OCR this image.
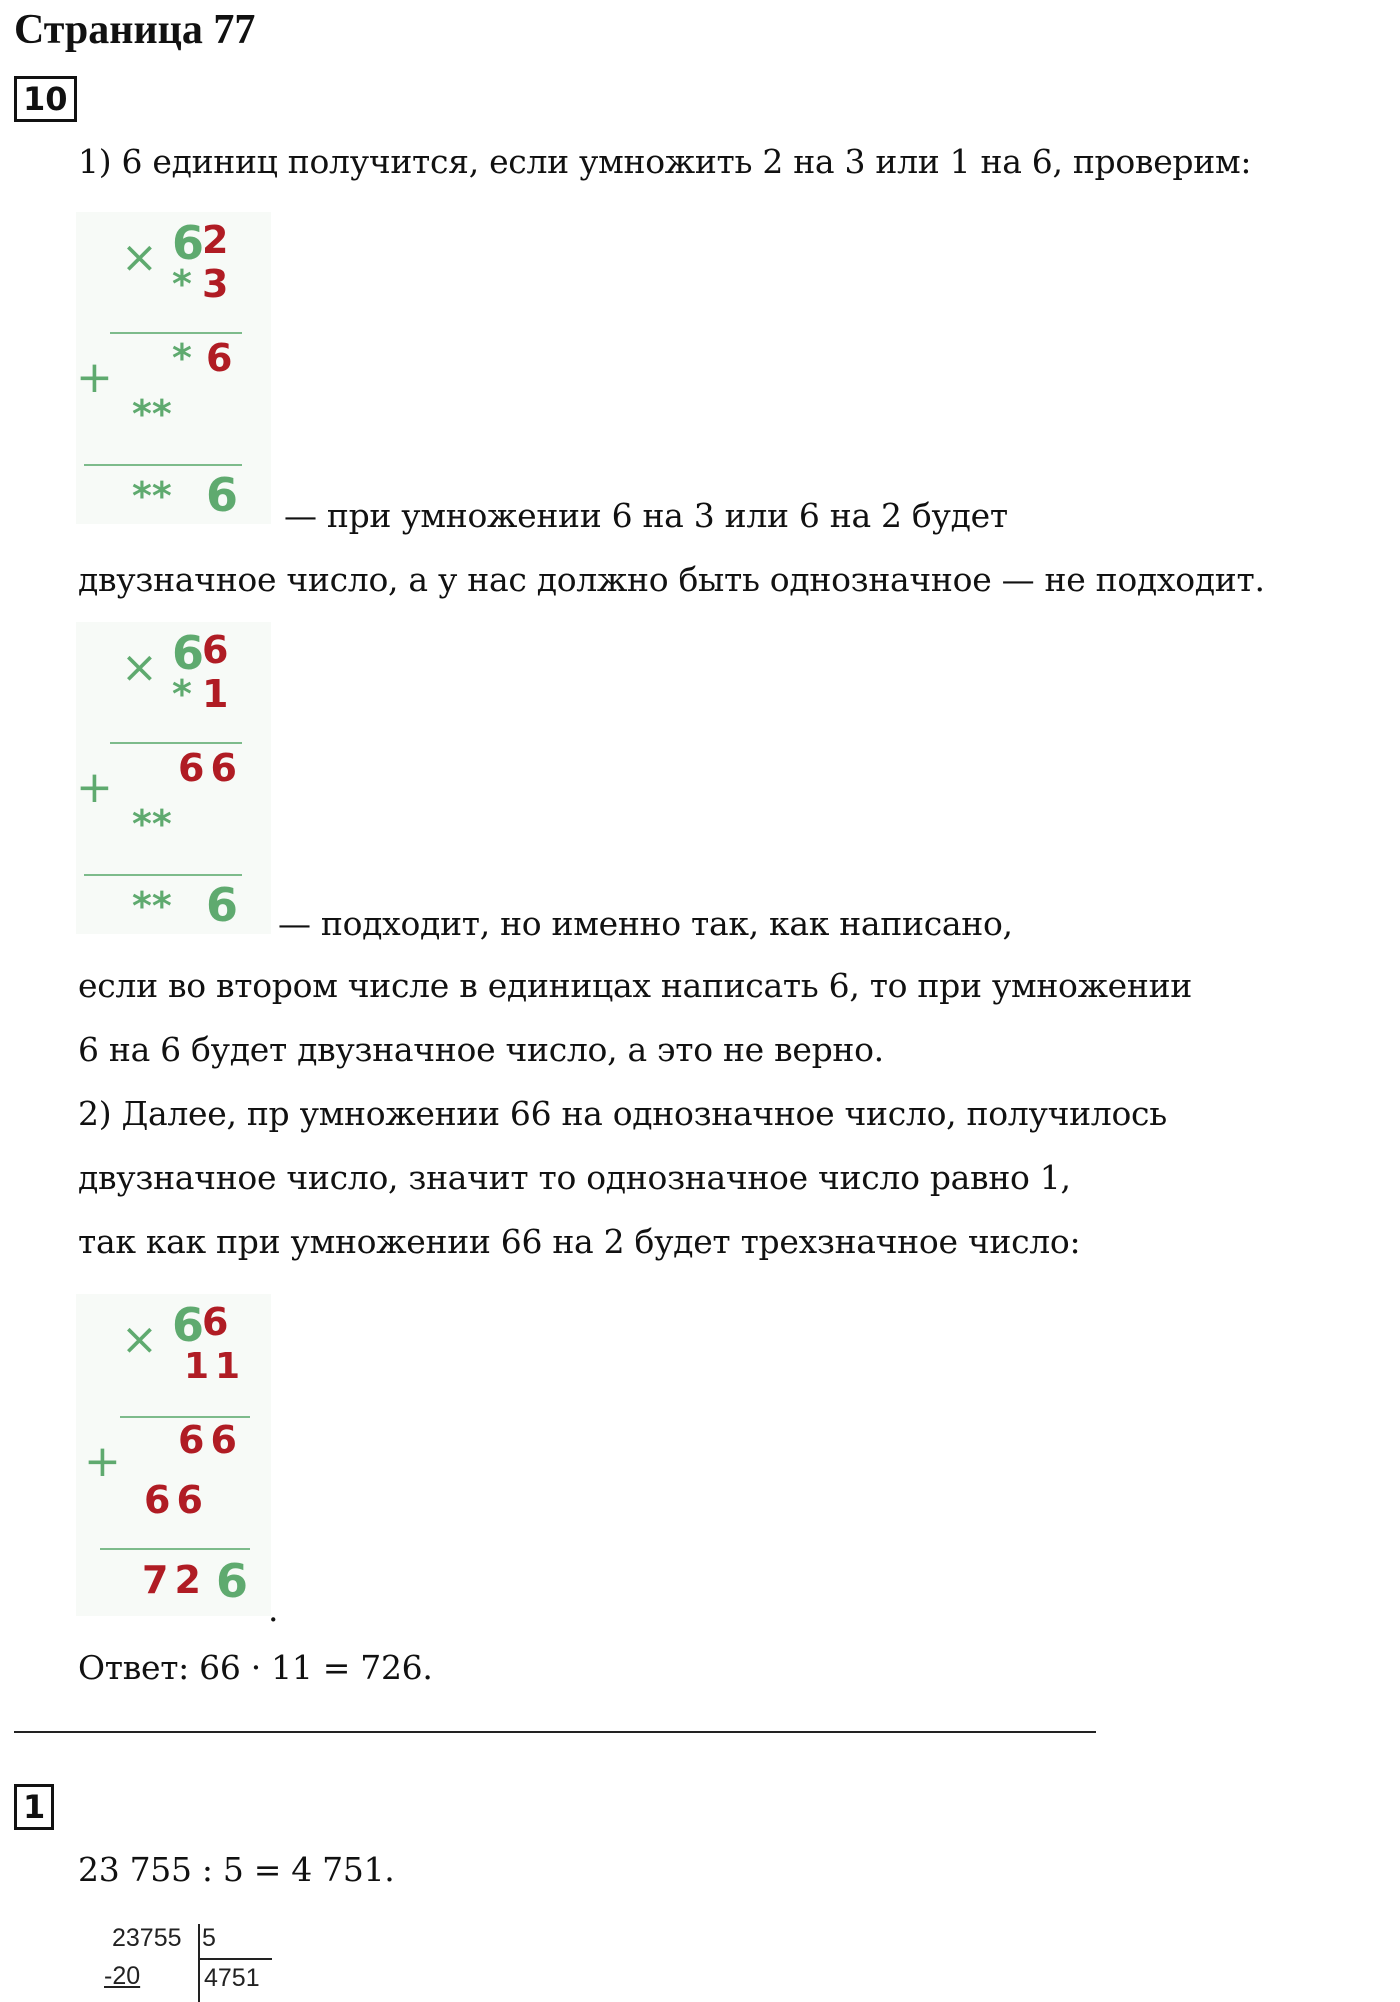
Страница 77
10
1) 6 единиц получится, если умножить 2 на 3 или 1 на 6, проверим:
× 6
2
* 3
+ * 6
**
** 6 — при умножении 6 на 3 или 6 на 2 будет
двузначное число, а у нас должно быть однозначное — не подходит.
× 6
6
* 1
+ 66
**
** 6 — подходит, но именно так, как написано,
если во втором числе в единицах написать 6, то при умножении
6 на 6 будет двузначное число, а это не верно.
2) Далее, пр умножении 66 на однозначное число, получилось
двузначное число, значит то однозначное число равно 1,
так как при умножении 66 на 2 будет трехзначное число:
× 6
6
11
+ 66
66
72 6
.
Ответ: 66 · 11 = 726.
1
23 755 : 5 = 4 751.
23755 5
-20	4751
